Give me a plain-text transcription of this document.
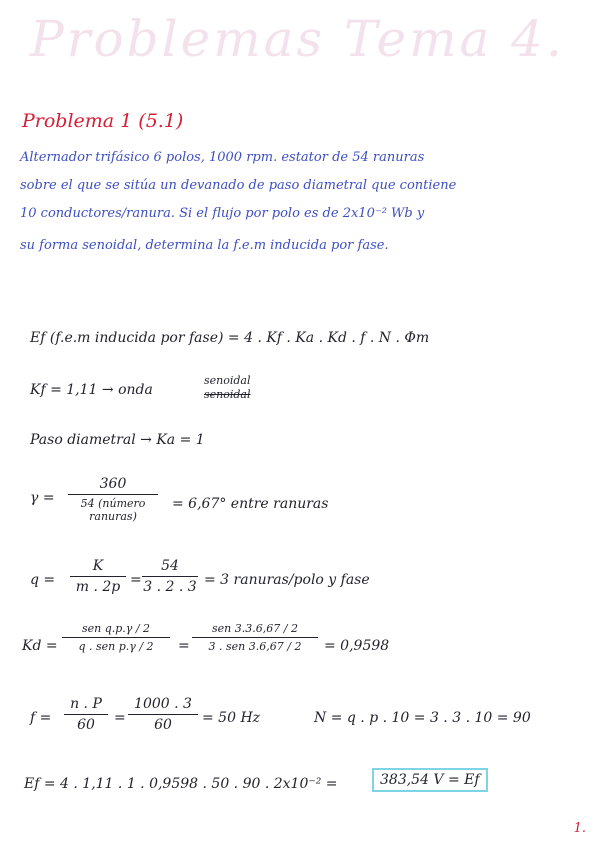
Problemas Tema 4.
Problema 1 (5.1)
Alternador trifásico 6 polos, 1000 rpm. estator de 54 ranuras
sobre el que se sitúa un devanado de paso diametral que contiene
10 conductores/ranura. Si el flujo por polo es de 2x10⁻² Wb y
su forma senoidal, determina la f.e.m inducida por fase.
Ef (f.e.m inducida por fase) = 4 . Kf . Ka . Kd . f . N . Φm
Kf = 1,11 → onda
senoidal
senoidal
Paso diametral → Ka = 1
γ =
360
54 (número
ranuras)
= 6,67° entre ranuras
q =
K
m . 2p =
54
3 . 2 . 3 = 3 ranuras/polo y fase
Kd =
sen q.p.γ / 2
q . sen p.γ / 2	=
sen 3.3.6,67 / 2
3 . sen 3.6,67 / 2	= 0,9598
f =
n . P
60	=
1000 . 3
60	= 50 Hz	N = q . p . 10 = 3 . 3 . 10 = 90
Ef = 4 . 1,11 . 1 . 0,9598 . 50 . 90 . 2x10⁻² =	383,54 V = Ef
1.
